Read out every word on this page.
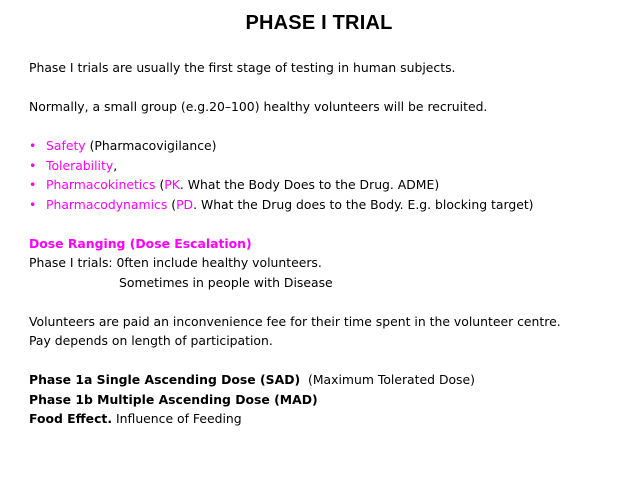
PHASE I TRIAL
Phase I trials are usually the first stage of testing in human subjects.
Normally, a small group (e.g.20–100) healthy volunteers will be recruited.
• Safety (Pharmacovigilance)
• Tolerability,
• Pharmacokinetics (PK. What the Body Does to the Drug. ADME)
• Pharmacodynamics (PD. What the Drug does to the Body. E.g. blocking target)
Dose Ranging (Dose Escalation)
Phase I trials: 0ften include healthy volunteers.
Sometimes in people with Disease
Volunteers are paid an inconvenience fee for their time spent in the volunteer centre.
Pay depends on length of participation.
Phase 1a Single Ascending Dose (SAD)  (Maximum Tolerated Dose)
Phase 1b Multiple Ascending Dose (MAD)
Food Effect. Influence of Feeding
